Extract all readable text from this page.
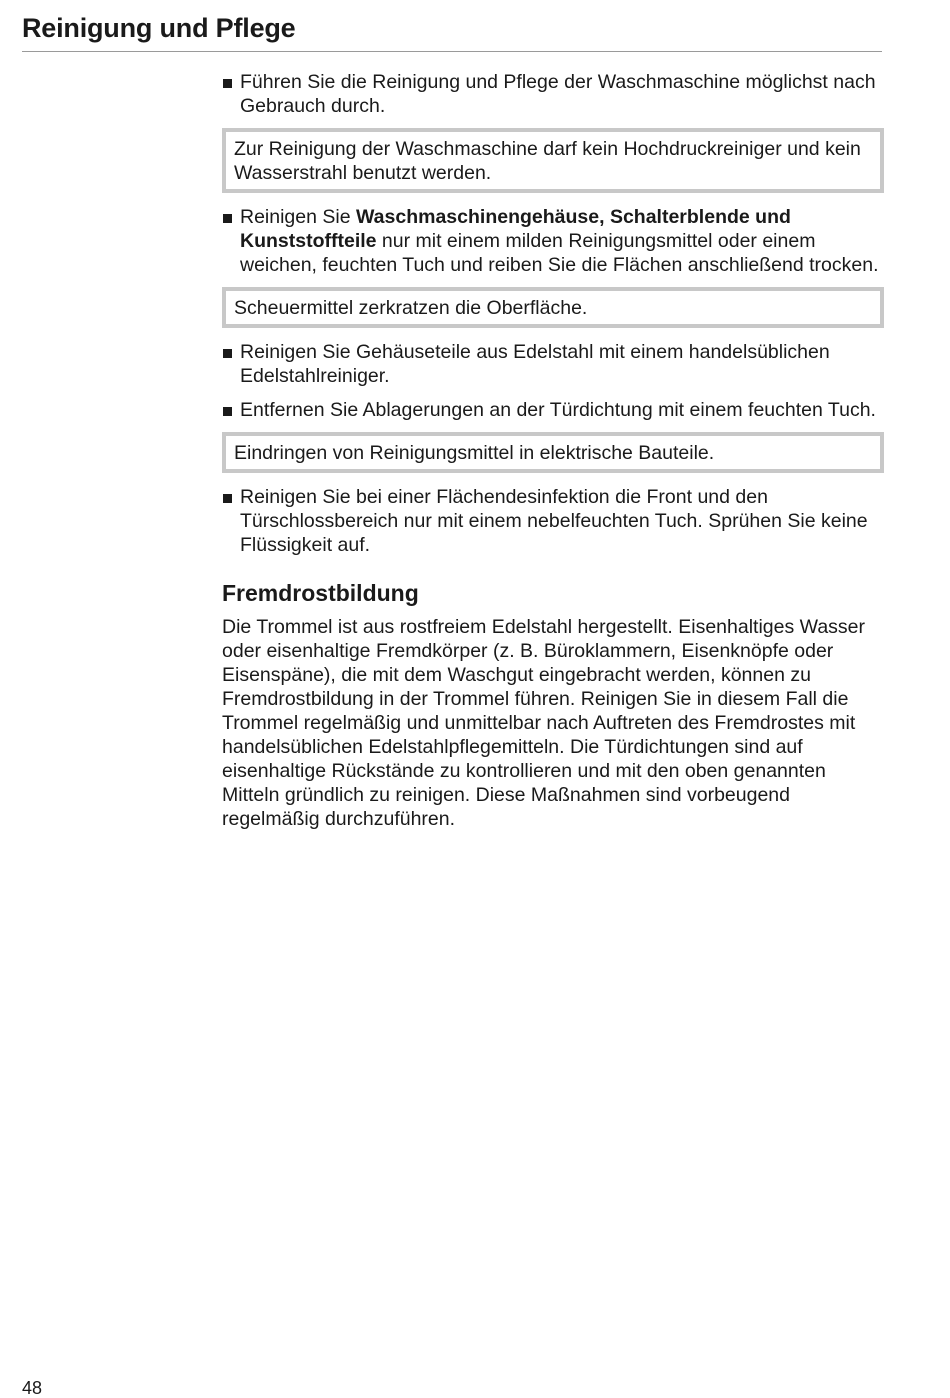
Reinigung und Pflege
Führen Sie die Reinigung und Pflege der Waschmaschine möglichst nach Gebrauch durch.
Zur Reinigung der Waschmaschine darf kein Hochdruckreiniger und kein Wasserstrahl benutzt werden.
Reinigen Sie Waschmaschinengehäuse, Schalterblende und Kunststoffteile nur mit einem milden Reinigungsmittel oder einem weichen, feuchten Tuch und reiben Sie die Flächen anschließend trocken.
Scheuermittel zerkratzen die Oberfläche.
Reinigen Sie Gehäuseteile aus Edelstahl mit einem handelsüblichen Edelstahlreiniger.
Entfernen Sie Ablagerungen an der Türdichtung mit einem feuchten Tuch.
Eindringen von Reinigungsmittel in elektrische Bauteile.
Reinigen Sie bei einer Flächendesinfektion die Front und den Türschlossbereich nur mit einem nebelfeuchten Tuch. Sprühen Sie keine Flüssigkeit auf.
Fremdrostbildung

Die Trommel ist aus rostfreiem Edelstahl hergestellt. Eisenhaltiges Wasser oder eisenhaltige Fremdkörper (z. B. Büroklammern, Eisenknöpfe oder Eisenspäne), die mit dem Waschgut eingebracht werden, können zu Fremdrostbildung in der Trommel führen. Reinigen Sie in diesem Fall die Trommel regelmäßig und unmittelbar nach Auftreten des Fremdrostes mit handelsüblichen Edelstahlpflegemitteln. Die Türdichtungen sind auf eisenhaltige Rückstände zu kontrollieren und mit den oben genannten Mitteln gründlich zu reinigen. Diese Maßnahmen sind vorbeugend regelmäßig durchzuführen.

48
